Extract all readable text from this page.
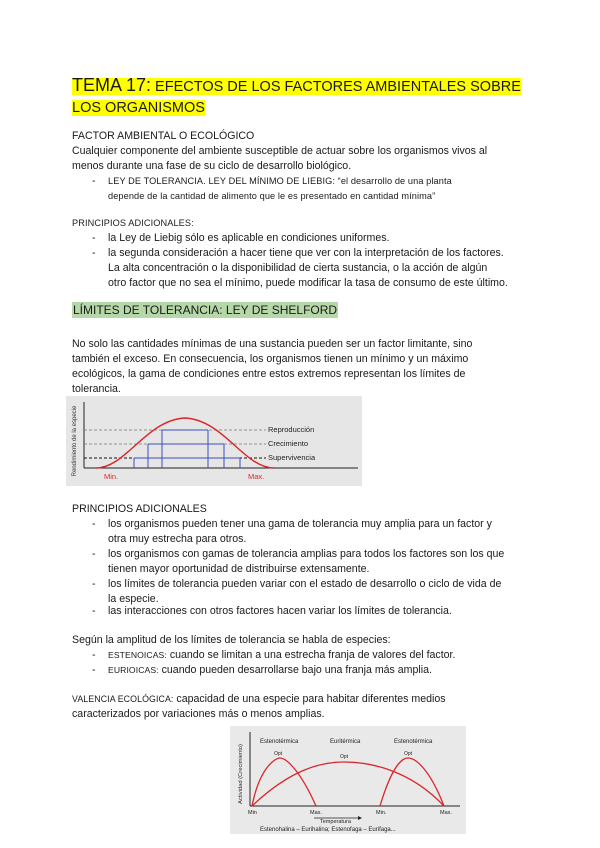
TEMA 17: EFECTOS DE LOS FACTORES AMBIENTALES SOBRE
LOS ORGANISMOS
FACTOR AMBIENTAL O ECOLÓGICO
Cualquier componente del ambiente susceptible de actuar sobre los organismos vivos al
menos durante una fase de su ciclo de desarrollo biológico.
- LEY DE TOLERANCIA. LEY DEL MÍNIMO DE LIEBIG: “el desarrollo de una planta
depende de la cantidad de alimento que le es presentado en cantidad mínima”
PRINCIPIOS ADICIONALES:
- la Ley de Liebig sólo es aplicable en condiciones uniformes.
- la segunda consideración a hacer tiene que ver con la interpretación de los factores.
La alta concentración o la disponibilidad de cierta sustancia, o la acción de algún
otro factor que no sea el mínimo, puede modificar la tasa de consumo de este último.
LÍMITES DE TOLERANCIA: LEY DE SHELFORD
No solo las cantidades mínimas de una sustancia pueden ser un factor limitante, sino
también el exceso. En consecuencia, los organismos tienen un mínimo y un máximo
ecológicos, la gama de condiciones entre estos extremos representan los límites de
tolerancia.
Rendimiento de la especie	Reproducción
Crecimiento
Supervivencia
Min.	Max.
PRINCIPIOS ADICIONALES
- los organismos pueden tener una gama de tolerancia muy amplia para un factor y
otra muy estrecha para otros.
- los organismos con gamas de tolerancia amplias para todos los factores son los que
tienen mayor oportunidad de distribuirse extensamente.
- los límites de tolerancia pueden variar con el estado de desarrollo o ciclo de vida de
la especie.
- las interacciones con otros factores hacen variar los límites de tolerancia.
Según la amplitud de los límites de tolerancia se habla de especies:
- ESTENOICAS: cuando se limitan a una estrecha franja de valores del factor.
- EURIOICAS: cuando pueden desarrollarse bajo una franja más amplia.
VALENCIA ECOLÓGICA: capacidad de una especie para habitar diferentes medios
caracterizados por variaciones más o menos amplias.
Actividad (Crecimiento)
Estenotérmica	Euritérmica	Estenotérmica
Opt	Opt	Opt
Min	Max.	Min.	Max.
Temperatura
Estenohalina – Eurihalina; Estenofaga – Eurifaga...
